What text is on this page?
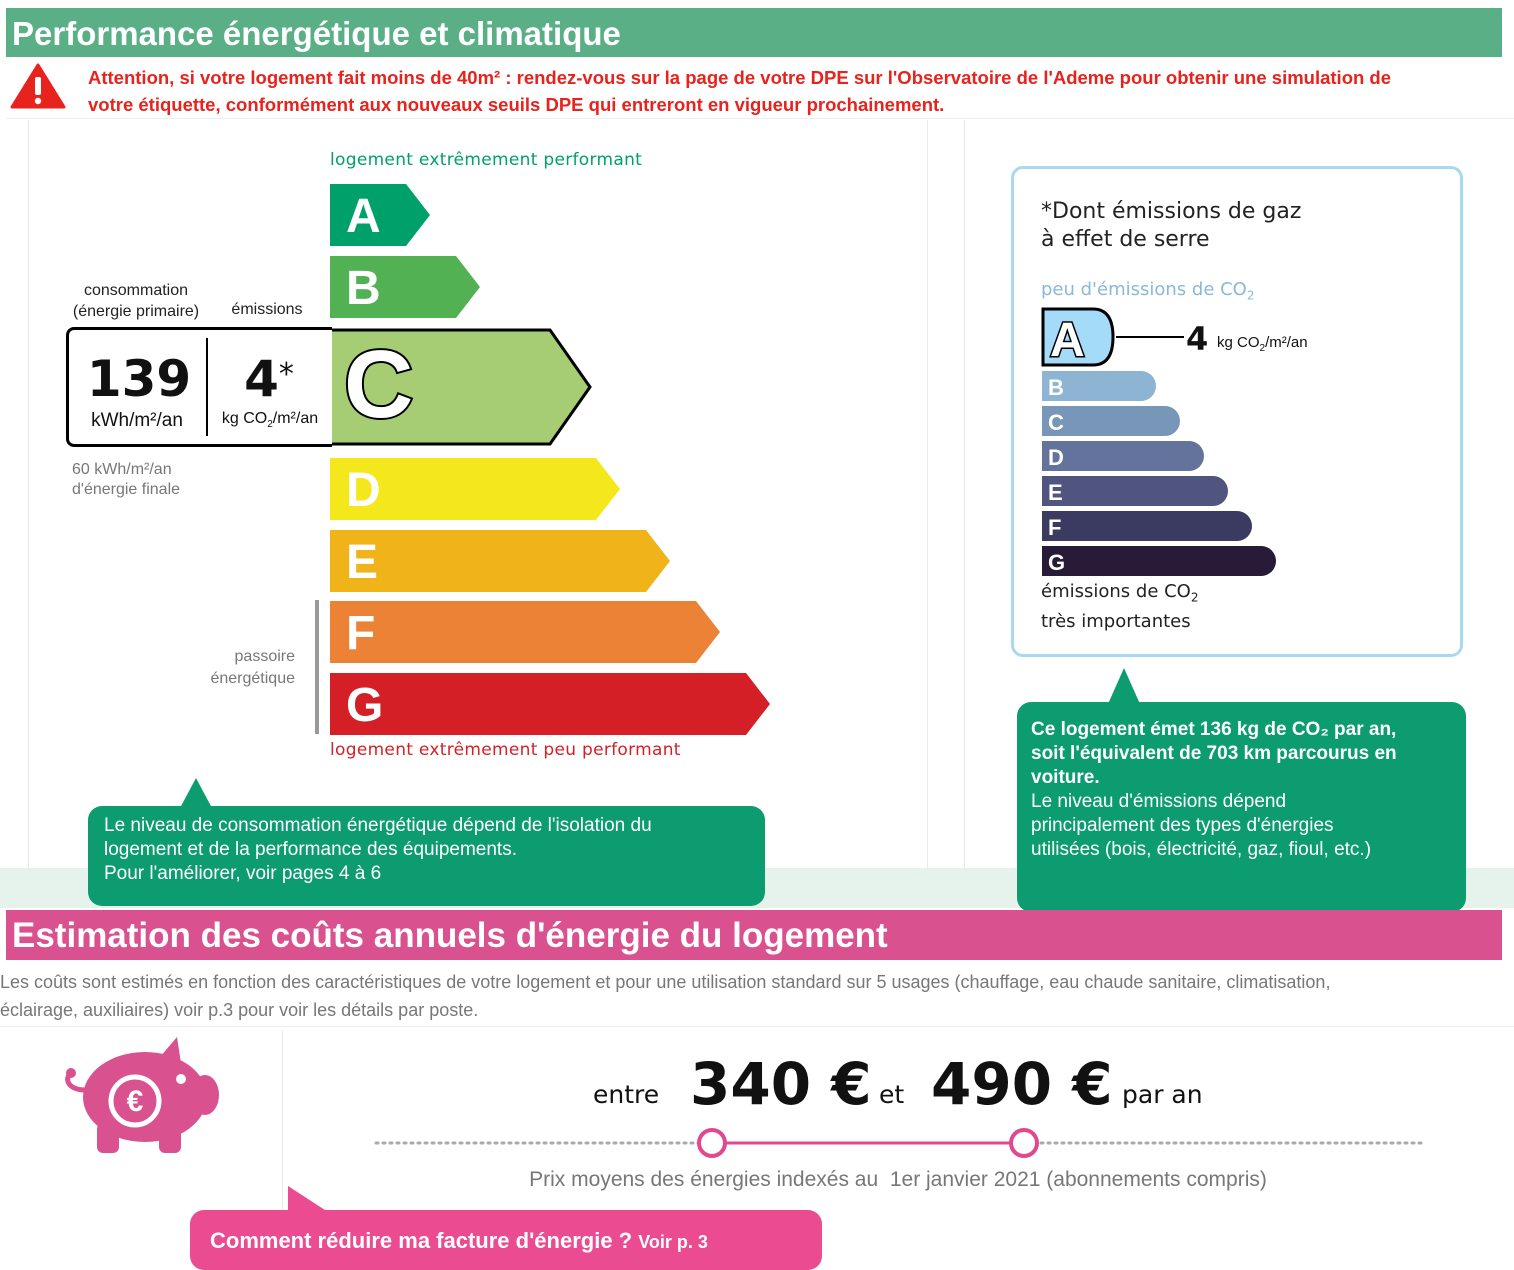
Performance énergétique et climatique
Attention, si votre logement fait moins de 40m² : rendez-vous sur la page de votre DPE sur l'Observatoire de l'Ademe pour obtenir une simulation de
votre étiquette, conformément aux nouveaux seuils DPE qui entreront en vigueur prochainement.
logement extrêmement performant
logement extrêmement peu performant
A
B
C
D
E
F
G
consommation
(énergie primaire)	émissions
139
kWh/m²/an
4*
kg $CO_2/m^2/an$
60 kWh/m²/an
d'énergie finale
passoire
énergétique
Le niveau de consommation énergétique dépend de l'isolation du
logement et de la performance des équipements.
Pour l'améliorer, voir pages 4 à 6
*Dont émissions de gaz
à effet de serre
peu d'émissions de $CO_2$
A
B
C
D
E
F
G
4 kg $CO_2/m^2/an$
émissions de $CO_2$
très importantes
Ce logement émet 136 kg de CO₂ par an,
soit l'équivalent de 703 km parcourus en
voiture.
Le niveau d'émissions dépend
principalement des types d'énergies
utilisées (bois, électricité, gaz, fioul, etc.)
Estimation des coûts annuels d'énergie du logement
Les coûts sont estimés en fonction des caractéristiques de votre logement et pour une utilisation standard sur 5 usages (chauffage, eau chaude sanitaire, climatisation,
éclairage, auxiliaires) voir p.3 pour voir les détails par poste.
€	entre 340 € et 490 € par an
Prix moyens des énergies indexés au  1er janvier 2021 (abonnements compris)
Comment réduire ma facture d'énergie ? Voir p. 3
